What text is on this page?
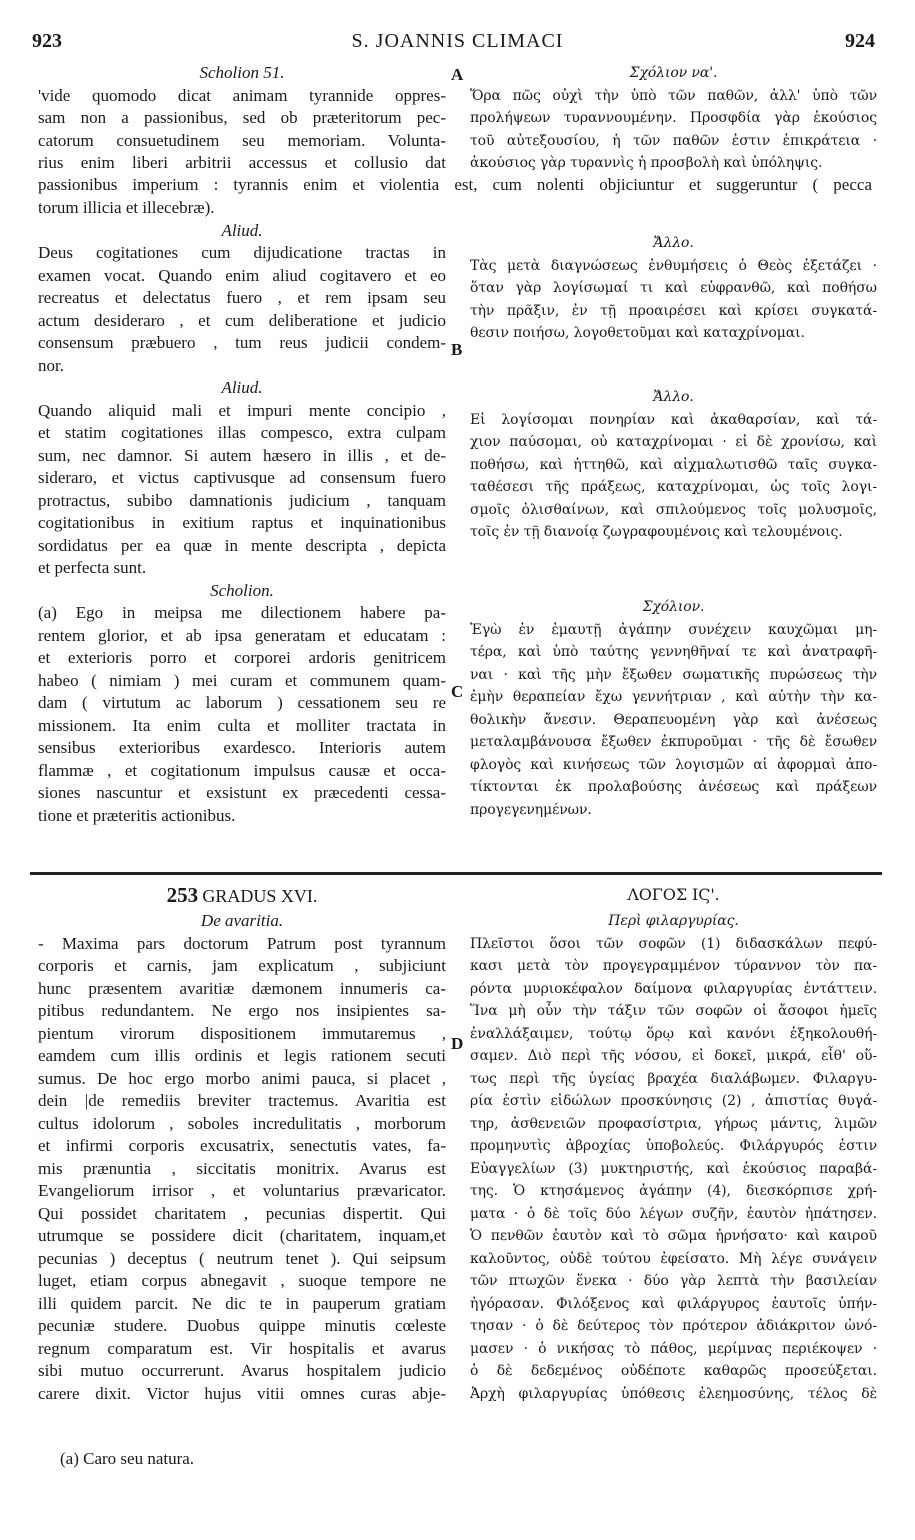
923	S. JOANNIS CLIMACI	924
A
B
C
D
Scholion 51.
'vide quomodo dicat animam tyrannide oppres-
sam non a passionibus, sed ob præteritorum pec-
catorum consuetudinem seu memoriam. Volunta-
rius enim liberi arbitrii accessus et collusio dat
passionibus imperium : tyrannis enim et violentia est, cum nolenti objiciuntur et suggeruntur ( pecca
torum illicia et illecebræ).
Aliud.
Deus cogitationes cum dijudicatione tractas in
examen vocat. Quando enim aliud cogitavero et eo
recreatus et delectatus fuero , et rem ipsam seu
actum desideraro , et cum deliberatione et judicio
consensum præbuero , tum reus judicii condem-
nor.
Aliud.
Quando aliquid mali et impuri mente concipio ,
et statim cogitationes illas compesco, extra culpam
sum, nec damnor. Si autem hæsero in illis , et de-
sideraro, et victus captivusque ad consensum fuero
protractus, subibo damnationis judicium , tanquam
cogitationibus in exitium raptus et inquinationibus
sordidatus per ea quæ in mente descripta , depicta
et perfecta sunt.
Scholion.
(a) Ego in meipsa me dilectionem habere pa-
rentem glorior, et ab ipsa generatam et educatam :
et exterioris porro et corporei ardoris genitricem
habeo ( nimiam ) mei curam et communem quam-
dam ( virtutum ac laborum ) cessationem seu re
missionem. Ita enim culta et molliter tractata in
sensibus exterioribus exardesco. Interioris autem
flammæ , et cogitationum impulsus causæ et occa-
siones nascuntur et exsistunt ex præcedenti cessa-
tione et præteritis actionibus.
Σχόλιον να'.
Ὅρα πῶς οὐχὶ τὴν ὑπὸ τῶν παθῶν, ἀλλ' ὑπὸ τῶν
προλήψεων τυραννουμένην. Προσφδία γὰρ ἑκούσιος
τοῦ αὐτεξουσίου, ἡ τῶν παθῶν ἐστιν ἐπικράτεια ·
ἀκούσιος γὰρ τυραννὶς ἡ προσβολὴ καὶ ὑπόληψις.
Ἄλλο.
Τὰς μετὰ διαγνώσεως ἐνθυμήσεις ὁ Θεὸς ἐξετάζει ·
ὅταν γὰρ λογίσωμαί τι καὶ εὐφρανθῶ, καὶ ποθήσω
τὴν πρᾶξιν, ἐν τῇ προαιρέσει καὶ κρίσει συγκατά-
θεσιν ποιήσω, λογοθετοῦμαι καὶ καταχρίνομαι.
Ἄλλο.
Εἰ λογίσομαι πονηρίαν καὶ ἀκαθαρσίαν, καὶ τά-
χιον παύσομαι, οὐ καταχρίνομαι · εἰ δὲ χρονίσω, καὶ
ποθήσω, καὶ ἡττηθῶ, καὶ αἰχμαλωτισθῶ ταῖς συγκα-
ταθέσεσι τῆς πράξεως, καταχρίνομαι, ὡς τοῖς λογι-
σμοῖς ὀλισθαίνων, καὶ σπιλούμενος τοῖς μολυσμοῖς,
τοῖς ἐν τῇ διανοίᾳ ζωγραφουμένοις καὶ τελουμένοις.
Σχόλιον.
Ἐγὼ ἐν ἐμαυτῇ ἀγάπην συνέχειν καυχῶμαι μη-
τέρα, καὶ ὑπὸ ταύτης γεννηθῆναί τε καὶ ἀνατραφῆ-
ναι · καὶ τῆς μὴν ἔξωθεν σωματικῆς πυρώσεως τὴν
ἐμὴν θεραπείαν ἔχω γεννήτριαν , καὶ αὐτὴν τὴν κα-
θολικὴν ἄνεσιν. Θεραπευομένη γὰρ καὶ ἀνέσεως
μεταλαμβάνουσα ἔξωθεν ἐκπυροῦμαι · τῆς δὲ ἔσωθεν
φλογὸς καὶ κινήσεως τῶν λογισμῶν αἱ ἀφορμαὶ ἀπο-
τίκτονται ἐκ προλαβούσης ἀνέσεως καὶ πράξεων
προγεγενημένων.
253 GRADUS XVI.
De avaritia.
- Maxima pars doctorum Patrum post tyrannum
corporis et carnis, jam explicatum , subjiciunt
hunc præsentem avaritiæ dæmonem innumeris ca-
pitibus redundantem. Ne ergo nos insipientes sa-
pientum virorum dispositionem immutaremus ,
eamdem cum illis ordinis et legis rationem secuti
sumus. De hoc ergo morbo animi pauca, si placet ,
dein |de remediis breviter tractemus. Avaritia est
cultus idolorum , soboles incredulitatis , morborum
et infirmi corporis excusatrix, senectutis vates, fa-
mis prænuntia , siccitatis monitrix. Avarus est
Evangeliorum irrisor , et voluntarius prævaricator.
Qui possidet charitatem , pecunias dispertit. Qui
utrumque se possidere dicit (charitatem, inquam,et
pecunias ) deceptus ( neutrum tenet ). Qui seipsum
luget, etiam corpus abnegavit , suoque tempore ne
illi quidem parcit. Ne dic te in pauperum gratiam
pecuniæ studere. Duobus quippe minutis cœleste
regnum comparatum est. Vir hospitalis et avarus
sibi mutuo occurrerunt. Avarus hospitalem judicio
carere dixit. Victor hujus vitii omnes curas abje-
(a) Caro seu natura.
ΛΟΓΟΣ ΙϚ'.
Περὶ φιλαργυρίας.
Πλεῖστοι ὅσοι τῶν σοφῶν (1) διδασκάλων πεφύ-
κασι μετὰ τὸν προγεγραμμένον τύραννον τὸν πα-
ρόντα μυριοκέφαλον δαίμονα φιλαργυρίας ἐντάττειν.
Ἵνα μὴ οὖν τὴν τάξιν τῶν σοφῶν οἱ ἄσοφοι ἡμεῖς
ἐναλλάξαιμεν, τούτῳ ὅρῳ καὶ κανόνι ἐξηκολουθή-
σαμεν. Διὸ περὶ τῆς νόσου, εἰ δοκεῖ, μικρά, εἶθ' οὕ-
τως περὶ τῆς ὑγείας βραχέα διαλάβωμεν. Φιλαργυ-
ρία ἐστὶν εἰδώλων προσκύνησις (2) , ἀπιστίας θυγά-
τηρ, ἀσθενειῶν προφασίστρια, γήρως μάντις, λιμῶν
προμηνυτὶς ἀβροχίας ὑποβολεύς. Φιλάργυρός ἐστιν
Εὐαγγελίων (3) μυκτηριστής, καὶ ἑκούσιος παραβά-
της. Ὁ κτησάμενος ἀγάπην (4), διεσκόρπισε χρή-
ματα · ὁ δὲ τοῖς δύο λέγων συζῆν, ἑαυτὸν ἠπάτησεν.
Ὁ πενθῶν ἑαυτὸν καὶ τὸ σῶμα ἠρνήσατο· καὶ καιροῦ
καλοῦντος, οὐδὲ τούτου ἐφείσατο. Μὴ λέγε συνάγειν
τῶν πτωχῶν ἕνεκα · δύο γὰρ λεπτὰ τὴν βασιλείαν
ἠγόρασαν. Φιλόξενος καὶ φιλάργυρος ἑαυτοῖς ὑπήν-
τησαν · ὁ δὲ δεύτερος τὸν πρότερον ἀδιάκριτον ὠνό-
μασεν · ὁ νικήσας τὸ πάθος, μερίμνας περιέκοψεν ·
ὁ δὲ δεδεμένος οὐδέποτε καθαρῶς προσεύξεται.
Ἀρχὴ φιλαργυρίας ὑπόθεσις ἐλεημοσύνης, τέλος δὲ
